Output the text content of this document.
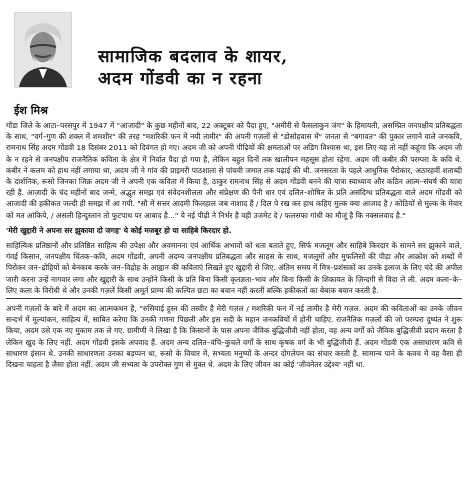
सामाजिक बदलाव के शायर,
अदम गोंडवी का न रहना
ईश मिश्र

गोंडा जिले के आटा–परसपुर में 1947 में "आजादी" के कुछ महीनों बाद, 22 अक्टूबर को पैदा हुए, "अमीरी से फैसलाकुन जंग" के हिमायती, असम्प्रित जनपक्षीय प्रतिबद्धता के साथ, "वर्ग–गुण की शक्ल में शमशीर" की तरह "मशरिकी फन में नयी तामीर" की अपनी गज़लों से "डोसोहवास में" जनता से "बगावत" की पुकार लगाने वाले जनकवि, रामनाथ सिंह अदम गोंडवी 18 दिसंबर 2011 को दिवंगत हो गए। अदम जी को अपनी पीढ़ियों की क्षमताओं पर अडिग विश्वास था, इस लिए यह तो नहीं कहूंगा कि अदम जी के न रहने से जनपक्षीय राजनैतिक कविता के क्षेत्र में निर्वात पैदा हो गया है, लेकिन बहुत दिनों तक खालीपन महसूस होता रहेगा. अदम जी कबीर की परम्परा के कवि थे. कबीर ने कलम को हाथ नहीं लगाया था, अदम जी ने गांव की प्राइमरी पाठशाला से पांचवी जमात तक पढ़ाई की थी. जनसरता के पहले आधुनिक पैरोकार, अठारहवीं शताब्दी के दार्शनिक, रूसो जिनका जिक्र अदम जी ने अपनी एक कविता में किया है, ठाकुर रामनाथ सिंह से अदम गोंडवी बनने की यात्रा स्वाध्याय और कठिन आत्म–संघर्ष की यात्रा रही है. आज़ादी के चंद महीनों बाद जन्मे, अद्भुत समझ एवं संवेदनशीलता और संप्रेक्षण की पैनी धार एवं दलित–शोषित के प्रति असंदिग्ध प्रतिबद्धता वाले अदम गोंडवी को आजादी की हकीकत जल्दी ही समझ में आ गयी. "सौ में सत्तर आदमी फिलहाल जब नाशाद हैं / दिल पे रख कर हाथ कहिए मुल्क क्या आजाद है / कोठियों से मुल्क के मेयार को मत आंकिये, / असली हिन्दुस्तान तो फुटपाथ पर आबाद है..." ये नई पीढ़ी ने निर्भर है वही उजमेट दे / फलसफा गांधी का मौजूं है कि नक्सलवाद है."

'मेरी खुद्दारी ने अपना सर झुकाया दो जगह' ये कोई मजबूर हो या साहिबे किरदार हो.

साहित्यिक प्रतिष्ठानों और प्रतिष्ठित साहित्य की उपेक्षा और अवमानना एवं आर्थिक अभावों को धता बताते हुए, सिर्फ मजलूम और साहिबे किरदार के सामने सर झुकाने वाले, गंवई किसान, जनपक्षीय चिंतक–कवि, अदम गोंडवी, अपनी अदम्य जनपक्षीय प्रतिबद्धता और साहस के साथ, मजलूमों और मुफलिसों की पीड़ा और आक्रोश को शब्दों में पिरोकर जन–द्रोहियों को बेनकाब करके जन–विद्रोह के आह्वान की कविताएं लिखते हुए खुद्दारी से जिए. अंतिम समय में मित्र–प्रशंसकों का उनके इलाज के लिए चंदे की अपील जारी करना उन्हें नागवार लगा और खुद्दारी के साथ उन्होंने किसी के प्रति बिना किसी कृतज्ञता–भाव और बिना किसी के शिकायत के ज़िन्दगी से विदा ले ली. अदम कला–के–लिए कला के विरोधी थे और उनकी गज़लें किसी अमूर्त प्राम्य की कल्पित छटा का बयान नहीं करतीं बल्कि हकीकतों का बेबाक बयान करती है.

अपनी गज़लों के बारे में अदम का आत्मकथन है, "रुसियाई हुस्न की तस्वीर है मेरी गज़ल / मशरिकी फन में नई तामीर है मेरी गज़ल. अदम की कविताओं का उनके जीवन सन्दर्भ में मूल्यांकन, साहित्य में, साबित करेगा कि उनकी गणना पिछली और इस सदी के महान जनकवियों में होनी चाहिए. राजनैतिक गज़लों की जो परम्परा दुष्यंत ने शुरू किया, अदम उसे एक नए मुकाम तक ले गए. ग्रामीणी ने लिखा है कि किसानों के पास अपना जैविक बुद्धिजीवी नहीं होता, वह अन्य वर्गों को जैविक बुद्धिजीवी प्रदान करता है लेकिन खुद के लिए नहीं. अदम गोंडवी इसके अपवाद हैं. अदम अन्य दलित–वंचि–कुचले वर्गों के साथ कृषक वर्ग के भी बुद्धिजीवी हैं. अदम गोंडवी एक असाधारण कवि से साधारण इंसान थे. उनकी साधारणता उनका बड़प्पन था, रूसो के विचार में, सभ्यता मनुष्यों के अन्दर दोगलेपन का संचार करती है. सामान्य पाने के कवच में वह वैसा ही दिखना चाहता है जैसा होता नहीं. अदम जी सभ्यता के उपरोक्त गुण से मुक्त थे. अदम के लिए जीवन का कोई 'जीवनेतर उद्देश्य' नहीं था.
